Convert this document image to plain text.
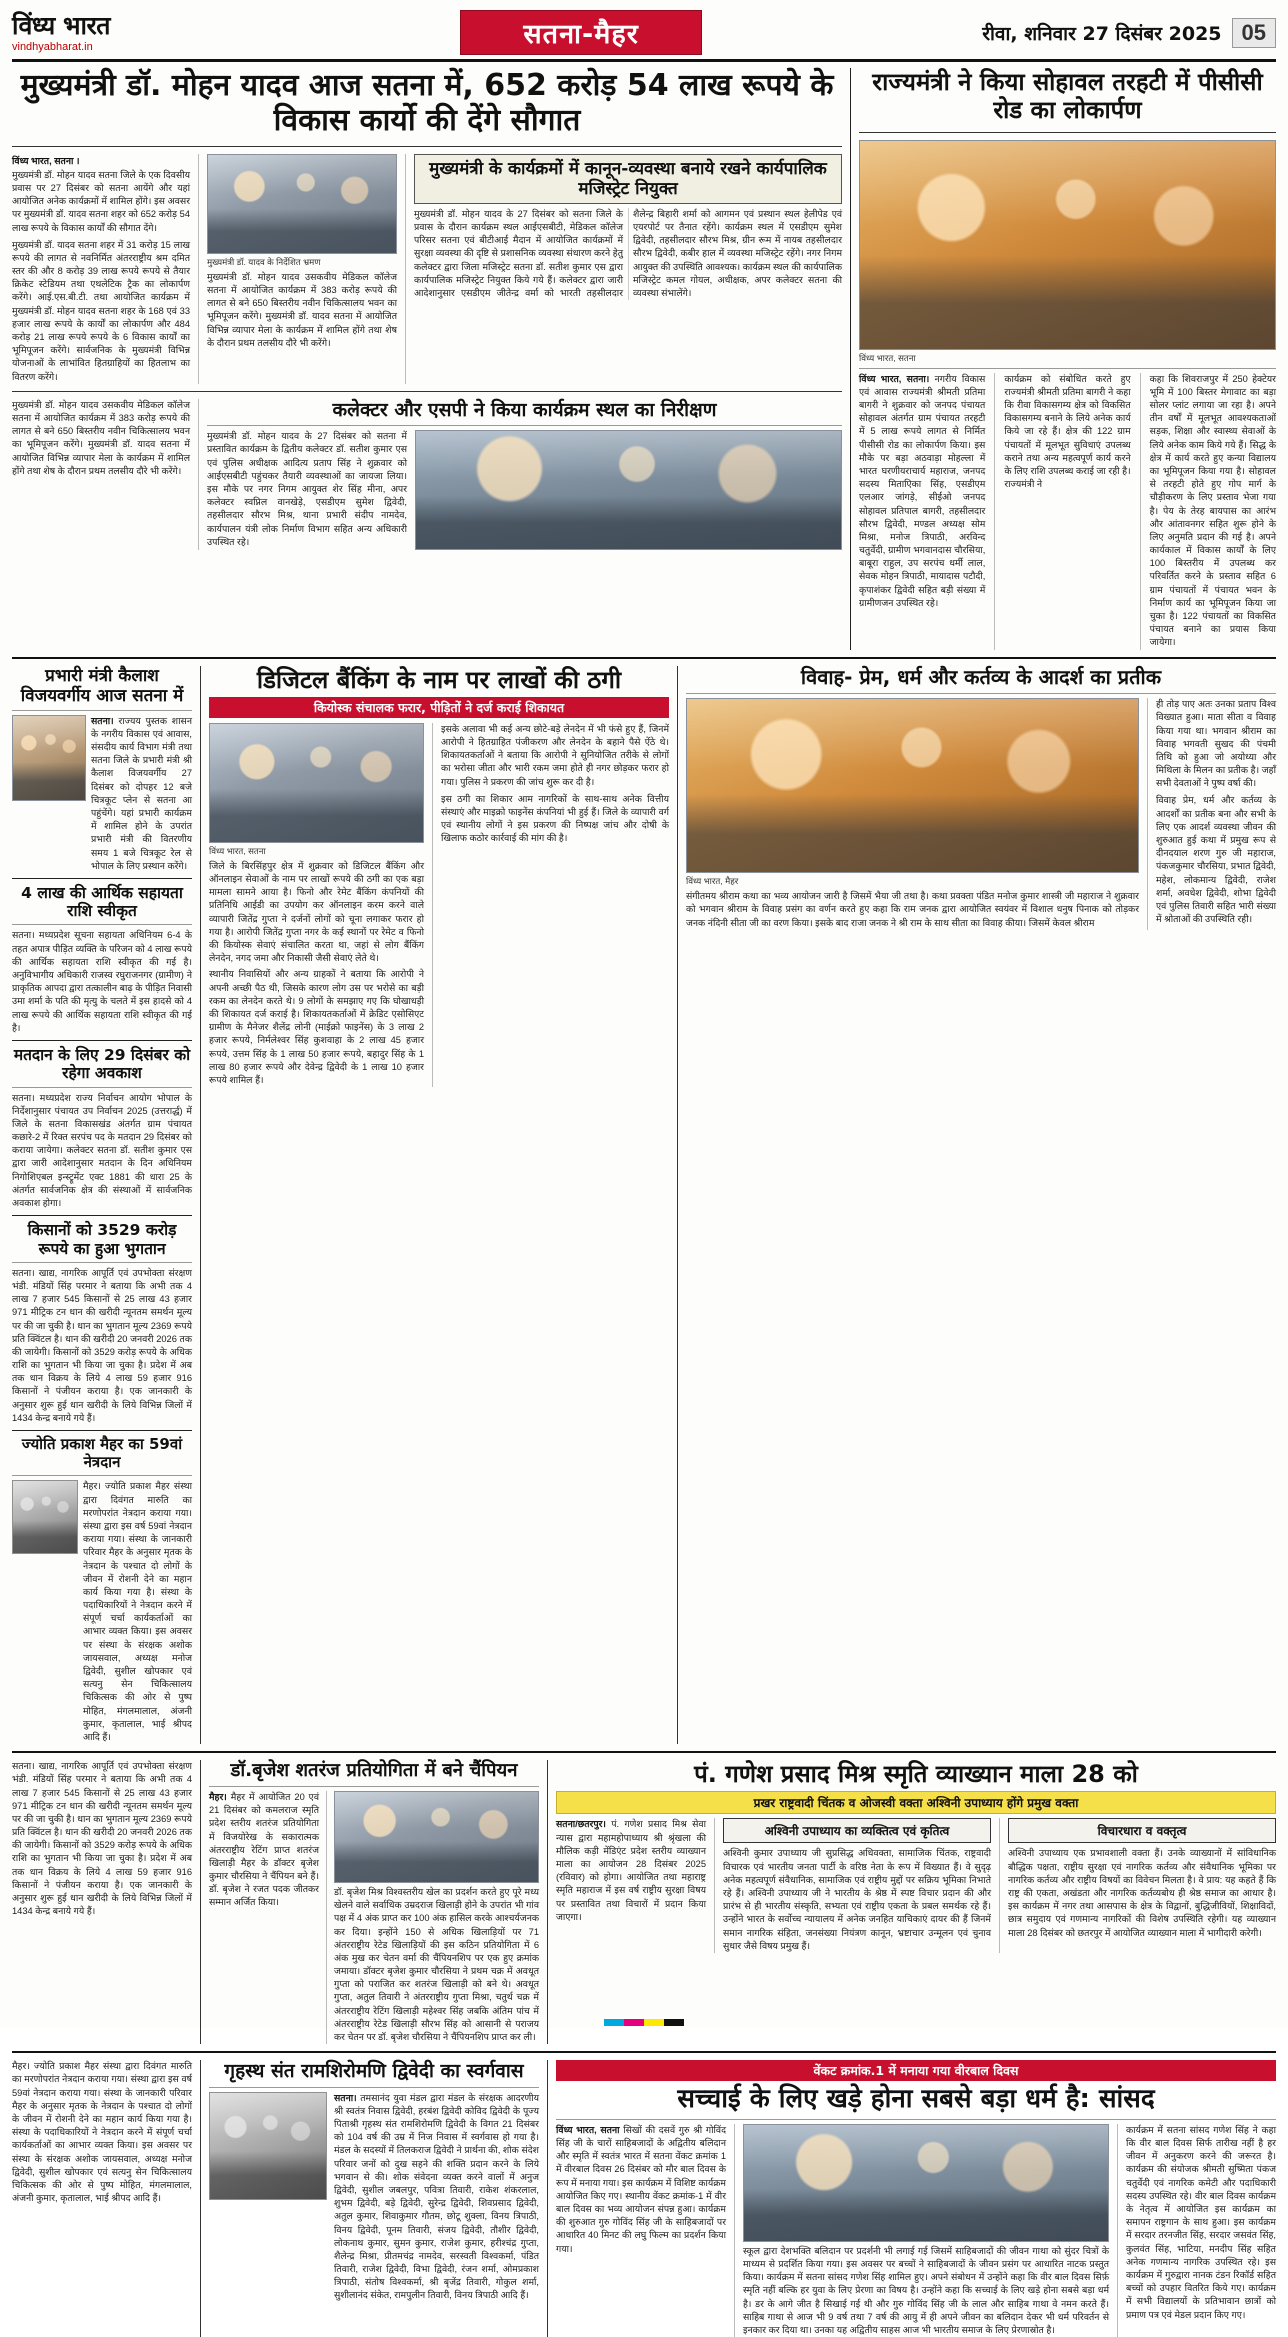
विंध्य भारत
vindhyabharat.in	सतना-मैहर	रीवा, शनिवार 27 दिसंबर 2025 05
मुख्यमंत्री डॉ. मोहन यादव आज सतना में, 652 करोड़ 54 लाख रूपये के विकास कार्यो की देंगे सौगात
विंध्य भारत, सतना ।
मुख्यमंत्री डॉ. मोहन यादव सतना जिले के एक दिवसीय प्रवास पर 27 दिसंबर को सतना आयेंगे और यहां आयोजित अनेक कार्यक्रमों में शामिल होंगे। इस अवसर पर मुख्यमंत्री डॉ. यादव सतना शहर को 652 करोड़ 54 लाख रूपये के विकास कार्यों की सौगात देंगे।
मुख्यमंत्री डॉ. यादव सतना शहर में 31 करोड़ 15 लाख रूपये की लागत से नवनिर्मित अंतरराष्ट्रीय श्रम दमित स्तर की और 8 करोड़ 39 लाख रूपये रूपये से तैयार क्रिकेट स्टेडियम तथा एथलेटिक ट्रैक का लोकार्पण करेंगे। आई.एस.बी.टी. तथा आयोजित कार्यक्रम में मुख्यमंत्री डॉ. मोहन यादव सतना शहर के 168 एवं 33 हजार लाख रूपये के कार्यों का लोकार्पण और 484 करोड़ 21 लाख रूपये रूपये के 6 विकास कार्यों का भूमिपूजन करेंगे। सार्वजनिक के मुख्यमंत्री विभिन्न योजनाओं के लाभांवित हितग्राहियों का हितलाभ का वितरण करेंगे।
मुख्यमंत्री डॉ. यादव के निर्देशित भ्रमण
मुख्यमंत्री डॉ. मोहन यादव उसकवीय मेडिकल कॉलेज सतना में आयोजित कार्यक्रम में 383 करोड़ रूपये की लागत से बने 650 बिस्तरीय नवीन चिकित्सालय भवन का भूमिपूजन करेंगे। मुख्यमंत्री डॉ. यादव सतना में आयोजित विभिन्न व्यापार मेला के कार्यक्रम में शामिल होंगे तथा शेष के दौरान प्रथम तलसीय दौरे भी करेंगे।
मुख्यमंत्री के कार्यक्रमों में कानून-व्यवस्था बनाये रखने कार्यपालिक मजिस्ट्रेट नियुक्त
मुख्यमंत्री डॉ. मोहन यादव के 27 दिसंबर को सतना जिले के प्रवास के दौरान कार्यक्रम स्थल आईएसबीटी, मेडिकल कॉलेज परिसर सतना एवं बीटीआई मैदान में आयोजित कार्यक्रमों में सुरक्षा व्यवस्था की दृष्टि से प्रशासनिक व्यवस्था संधारण करने हेतु कलेक्टर द्वारा जिला मजिस्ट्रेट सतना डॉ. सतीश कुमार एस द्वारा कार्यपालिक मजिस्ट्रेट नियुक्त किये गये हैं। कलेक्टर द्वारा जारी आदेशानुसार एसडीएम जीतेन्द्र वर्मा को भारती तहसीलदार शैलेन्द्र बिहारी शर्मा को आगमन एवं प्रस्थान स्थल हेलीपेड एवं एयरपोर्ट पर तैनात रहेंगे। कार्यक्रम स्थल में एसडीएम सुमेश द्विवेदी, तहसीलदार सौरभ मिश्र, ग्रीन रूम में नायब तहसीलदार सौरभ द्विवेदी, कबीर हाल में व्यवस्था मजिस्ट्रेट रहेंगे। नगर निगम आयुक्त की उपस्थिति आवश्यक। कार्यक्रम स्थल की कार्यपालिक मजिस्ट्रेट कमल गोयल, अधीक्षक, अपर कलेक्टर सतना की व्यवस्था संभालेंगे।
मुख्यमंत्री डॉ. मोहन यादव उसकवीय मेडिकल कॉलेज सतना में आयोजित कार्यक्रम में 383 करोड़ रूपये की लागत से बने 650 बिस्तरीय नवीन चिकित्सालय भवन का भूमिपूजन करेंगे। मुख्यमंत्री डॉ. यादव सतना में आयोजित विभिन्न व्यापार मेला के कार्यक्रम में शामिल होंगे तथा शेष के दौरान प्रथम तलसीय दौरे भी करेंगे।
कलेक्टर और एसपी ने किया कार्यक्रम स्थल का निरीक्षण
मुख्यमंत्री डॉ. मोहन यादव के 27 दिसंबर को सतना में प्रस्तावित कार्यक्रम के द्वितीय कलेक्टर डॉ. सतीश कुमार एस एवं पुलिस अधीक्षक आदित्य प्रताप सिंह ने शुक्रवार को आईएसबीटी पहुंचकर तैयारी व्यवस्थाओं का जायजा लिया। इस मौके पर नगर निगम आयुक्त शेर सिंह मीना, अपर कलेक्टर स्वप्निल वानखेड़े, एसडीएम सुमेश द्विवेदी, तहसीलदार सौरभ मिश्र, थाना प्रभारी संदीप नामदेव, कार्यपालन यंत्री लोक निर्माण विभाग सहित अन्य अधिकारी उपस्थित रहे।
राज्यमंत्री ने किया सोहावल तरहटी में पीसीसी रोड का लोकार्पण
विंध्य भारत, सतना
विंध्य भारत, सतना। नगरीय विकास एवं आवास राज्यमंत्री श्रीमती प्रतिमा बागरी ने शुक्रवार को जनपद पंचायत सोहावल अंतर्गत ग्राम पंचायत तरहटी में 5 लाख रूपये लागत से निर्मित पीसीसी रोड का लोकार्पण किया। इस मौके पर बड़ा अठवाड़ा मोहल्ला में भारत घरणीयराचार्य महाराज, जनपद सदस्य मिताएिका सिंह, एसडीएम एलआर जांगड़े, सीईओ जनपद सोहावल प्रतिपाल बागरी, तहसीलदार सौरभ द्विवेदी, मण्डल अध्यक्ष सोम मिश्रा, मनोज त्रिपाठी, अरविन्द चतुर्वेदी, ग्रामीण भगवानदास चौरसिया, बाबूरा राहुल, उप सरपंच धर्मी लाल, सेवक मोहन त्रिपाठी, मायादास पटौदी, कृपाशंकर द्विवेदी सहित बड़ी संख्या में ग्रामीणजन उपस्थित रहे।
कार्यक्रम को संबोधित करते हुए राज्यमंत्री श्रीमती प्रतिमा बागरी ने कहा कि रीवा विकासगम्य क्षेत्र को विकसित विकासगम्य बनाने के लिये अनेक कार्य किये जा रहे हैं। क्षेत्र की 122 ग्राम पंचायतों में मूलभूत सुविधाएं उपलब्ध कराने तथा अन्य महत्वपूर्ण कार्य करने के लिए राशि उपलब्ध कराई जा रही है। राज्यमंत्री ने
कहा कि शिवराजपुर में 250 हेक्टेयर भूमि में 100 बिस्तर मेगावाट का बड़ा सोलर प्लांट लगाया जा रहा है। अपने तीन वर्षों में मूलभूत आवश्यकताओं सड़क, शिक्षा और स्वास्थ्य सेवाओं के लिये अनेक काम किये गये हैं। सिद्ध के क्षेत्र में कार्य करते हुए कन्या विद्यालय का भूमिपूजन किया गया है। सोहावल से तरहटी होते हुए गोप मार्ग के चौड़ीकरण के लिए प्रस्ताव भेजा गया है। पेय के तेरह बायपास का आरंभ और आंतावनगर सहित शुरू होने के लिए अनुमति प्रदान की गई है। अपने कार्यकाल में विकास कार्यों के लिए 100 बिस्तरीय में उपलब्ध कर परिवर्तित करने के प्रस्ताव सहित 6 ग्राम पंचायतों में पंचायत भवन के निर्माण कार्य का भूमिपूजन किया जा चुका है। 122 पंचायतों का विकसित पंचायत बनाने का प्रयास किया जायेगा।
प्रभारी मंत्री कैलाश विजयवर्गीय आज सतना में
सतना। राज्यय पुस्तक शासन के नगरीय विकास एवं आवास, संसदीय कार्य विभाग मंत्री तथा सतना जिले के प्रभारी मंत्री श्री कैलाश विजयवर्गीय 27 दिसंबर को दोपहर 12 बजे चित्रकूट प्लेन से सतना आ पहुंचेंगे। यहां प्रभारी कार्यक्रम में शामिल होने के उपरांत प्रभारी मंत्री की वितरणीय समय 1 बजे चित्रकूट रेल से भोपाल के लिए प्रस्थान करेंगे।
4 लाख की आर्थिक सहायता राशि स्वीकृत
सतना। मध्यप्रदेश सूचना सहायता अधिनियम 6-4 के तहत अपात्र पीड़ित व्यक्ति के परिजन को 4 लाख रूपये की आर्थिक सहायता राशि स्वीकृत की गई है। अनुविभागीय अधिकारी राजस्व रघुराजनगर (ग्रामीण) ने प्राकृतिक आपदा द्वारा तत्कालीन बाढ़ के पीड़ित निवासी उमा शर्मा के पति की मृत्यु के चलते में इस हादसे को 4 लाख रूपये की आर्थिक सहायता राशि स्वीकृत की गई है।
मतदान के लिए 29 दिसंबर को रहेगा अवकाश
सतना। मध्यप्रदेश राज्य निर्वाचन आयोग भोपाल के निर्देशानुसार पंचायत उप निर्वाचन 2025 (उत्तरार्द्ध) में जिले के सतना विकासखंड अंतर्गत ग्राम पंचायत कछारे-2 में रिक्त सरपंच पद के मतदान 29 दिसंबर को कराया जायेगा। कलेक्टर सतना डॉ. सतीश कुमार एस द्वारा जारी आदेशानुसार मतदान के दिन अधिनियम निगोशिएबल इन्स्ट्रूमेंट एक्ट 1881 की धारा 25 के अंतर्गत सार्वजनिक क्षेत्र की संस्थाओं में सार्वजनिक अवकाश होगा।
किसानों को 3529 करोड़ रूपये का हुआ भुगतान
सतना। खाद्य, नागरिक आपूर्ति एवं उपभोक्ता संरक्षण भंडी. मंडियों सिंह परमार ने बताया कि अभी तक 4 लाख 7 हजार 545 किसानों से 25 लाख 43 हजार 971 मीट्रिक टन धान की खरीदी न्यूनतम समर्थन मूल्य पर की जा चुकी है। धान का भुगतान मूल्य 2369 रूपये प्रति क्विंटल है। धान की खरीदी 20 जनवरी 2026 तक की जायेगी। किसानों को 3529 करोड़ रूपये के अधिक राशि का भुगतान भी किया जा चुका है। प्रदेश में अब तक धान विक्रय के लिये 4 लाख 59 हजार 916 किसानों ने पंजीयन कराया है। एक जानकारी के अनुसार शुरू हुई धान खरीदी के लिये विभिन्न जिलों में 1434 केन्द्र बनाये गये हैं।
ज्योति प्रकाश मैहर का 59वां नेत्रदान
मैहर। ज्योति प्रकाश मैहर संस्था द्वारा दिवंगत मारुति का मरणोपरांत नेत्रदान कराया गया। संस्था द्वारा इस वर्ष 59वां नेत्रदान कराया गया। संस्था के जानकारी परिवार मैहर के अनुसार मृतक के नेत्रदान के पश्चात दो लोगों के जीवन में रोशनी देने का महान कार्य किया गया है। संस्था के पदाधिकारियों ने नेत्रदान करने में संपूर्ण चर्चा कार्यकर्ताओं का आभार व्यक्त किया। इस अवसर पर संस्था के संरक्षक अशोक जायसवाल, अध्यक्ष मनोज द्विवेदी, सुशील खोपकार एवं सत्यनु सेन चिकित्सालय चिकित्सक की ओर से पुष्प मोहित, मंगलमालाल, अंजनी कुमार, कृतालाल, भाई श्रीपद आदि हैं।
डिजिटल बैंकिंग के नाम पर लाखों की ठगी
कियोस्क संचालक फरार, पीड़ितों ने दर्ज कराई शिकायत
विंध्य भारत, सतना
जिले के बिरसिंहपुर क्षेत्र में शुक्रवार को डिजिटल बैंकिंग और ऑनलाइन सेवाओं के नाम पर लाखों रूपये की ठगी का एक बड़ा मामला सामने आया है। फिनो और रेमेट बैंकिंग कंपनियों की प्रतिनिधि आईडी का उपयोग कर ऑनलाइन करम करने वाले व्यापारी जितेंद्र गुप्ता ने दर्जनों लोगों को चूना लगाकर फरार हो गया है। आरोपी जितेंद्र गुप्ता नगर के कई स्थानों पर रेमेट व फिनो की कियोस्क सेवाएं संचालित करता था, जहां से लोग बैंकिंग लेनदेन, नगद जमा और निकासी जैसी सेवाएं लेते थे।
स्थानीय निवासियों और अन्य ग्राहकों ने बताया कि आरोपी ने अपनी अच्छी पैठ थी, जिसके कारण लोग उस पर भरोसे का बड़ी रकम का लेनदेन करते थे। 9 लोगों के समझाए गए कि घोखाधड़ी की शिकायत दर्ज कराई है। शिकायतकर्ताओं में क्रेडिट एसोसिएट ग्रामीण के मैनेजर शैलेंद्र लोनी (माईक्रो फाइनेंस) के 3 लाख 2 हजार रूपये, निर्मलेश्वर सिंह कुशवाहा के 2 लाख 45 हजार रूपये, उत्तम सिंह के 1 लाख 50 हजार रूपये, बहादुर सिंह के 1 लाख 80 हजार रूपये और देवेन्द्र द्विवेदी के 1 लाख 10 हजार रूपये शामिल हैं।
इसके अलावा भी कई अन्य छोटे-बड़े लेनदेन में भी फंसे हुए हैं, जिनमें आरोपी ने हितग्राहित पंजीकरण और लेनदेन के बहाने पैसे ऐंठे थे। शिकायतकर्ताओं ने बताया कि आरोपी ने सुनियोजित तरीके से लोगों का भरोसा जीता और भारी रकम जमा होते ही नगर छोड़कर फरार हो गया। पुलिस ने प्रकरण की जांच शुरू कर दी है।
इस ठगी का शिकार आम नागरिकों के साथ-साथ अनेक वित्तीय संस्थाएं और माइक्रो फाइनेंस कंपनियां भी हुई हैं। जिले के व्यापारी वर्ग एवं स्थानीय लोगों ने इस प्रकरण की निष्पक्ष जांच और दोषी के खिलाफ कठोर कार्रवाई की मांग की है।
विवाह- प्रेम, धर्म और कर्तव्य के आदर्श का प्रतीक
विंध्य भारत, मैहर
संगीतमय श्रीराम कथा का भव्य आयोजन जारी है जिसमें भैया जी तथा है। कथा प्रवक्ता पंडित मनोज कुमार शास्त्री जी महाराज ने शुक्रवार को भगवान श्रीराम के विवाह प्रसंग का वर्णन करते हुए कहा कि राम जनक द्वारा आयोजित स्वयंवर में विशाल धनुष पिनाक को तोड़कर जनक नंदिनी सीता जी का वरण किया। इसके बाद राजा जनक ने श्री राम के साथ सीता का विवाह कीया। जिसमें केवल श्रीराम
ही तोड़ पाए अतः उनका प्रताप विश्व विख्यात हुआ। माता सीता व विवाह किया गया था। भगवान श्रीराम का विवाह भगवती सुखद की पंचमी तिथि को हुआ जो अयोध्या और मिथिला के मिलन का प्रतीक है। जहाँ सभी देवताओं ने पुष्प वर्षा की।
विवाह प्रेम, धर्म और कर्तव्य के आदर्शों का प्रतीक बना और सभी के लिए एक आदर्श व्यवस्था जीवन की शुरुआत हुई कथा में प्रमुख रूप से दीनदयाल शरण गुरु जी महाराज, पंकजकुमार चौरसिया, प्रभात द्विवेदी, महेश, लोकमान्य द्विवेदी, राजेश शर्मा, अवधेश द्विवेदी, शोभा द्विवेदी एवं पुलिस तिवारी सहित भारी संख्या में श्रोताओं की उपस्थिति रही।
सतना। खाद्य, नागरिक आपूर्ति एवं उपभोक्ता संरक्षण भंडी. मंडियों सिंह परमार ने बताया कि अभी तक 4 लाख 7 हजार 545 किसानों से 25 लाख 43 हजार 971 मीट्रिक टन धान की खरीदी न्यूनतम समर्थन मूल्य पर की जा चुकी है। धान का भुगतान मूल्य 2369 रूपये प्रति क्विंटल है। धान की खरीदी 20 जनवरी 2026 तक की जायेगी। किसानों को 3529 करोड़ रूपये के अधिक राशि का भुगतान भी किया जा चुका है। प्रदेश में अब तक धान विक्रय के लिये 4 लाख 59 हजार 916 किसानों ने पंजीयन कराया है। एक जानकारी के अनुसार शुरू हुई धान खरीदी के लिये विभिन्न जिलों में 1434 केन्द्र बनाये गये हैं।
डॉ.बृजेश शतरंज प्रतियोगिता में बने चैंपियन
मैहर। मैहर में आयोजित 20 एवं 21 दिसंबर को कमलराज स्मृति प्रदेश स्तरीय शतरंज प्रतियोगिता में विजयोरेख के सकारात्मक अंतरराष्ट्रीय रेटिंग प्राप्त शतरंज खिलाड़ी मैहर के डॉक्टर बृजेश कुमार चौरसिया ने चैंपियन बने हैं। डॉ. बृजेश ने रजत पदक जीतकर सम्मान अर्जित किया।
डॉ. बृजेश मिश्र विश्वस्तरीय खेल का प्रदर्शन करते हुए पूरे मध्य खेलने वाले सर्वाधिक उम्रदराज खिलाड़ी होने के उपरांत भी गांव पक्ष में 4 अंक प्राप्त कर 100 अंक हासिल करके आश्चर्यजनक कर दिया। इन्होंने 150 से अधिक खिलाड़ियों पर 71 अंतरराष्ट्रीय रेटेड खिलाड़ियों की इस कठिन प्रतियोगिता में 6 अंक मुख कर चेतन वर्मा की चैंपियनशिप पर एक हुए क्रमांक जमाया। डॉक्टर बृजेश कुमार चौरसिया ने प्रथम चक्र में अवधूत गुप्ता को पराजित कर शतरंज खिलाड़ी को बने थे। अवधूत गुप्ता, अतुल तिवारी ने अंतरराष्ट्रीय गुप्ता मिश्रा, चतुर्थ चक्र में अंतरराष्ट्रीय रेटिंग खिलाड़ी महेश्वर सिंह जबकि अंतिम पांच में अंतरराष्ट्रीय रेटेड खिलाड़ी सौरभ सिंह को आसानी से पराजय कर चेतन पर डॉ. बृजेश चौरसिया ने चैंपियनशिप प्राप्त कर ली।
पं. गणेश प्रसाद मिश्र स्मृति व्याख्यान माला 28 को
प्रखर राष्ट्रवादी चिंतक व ओजस्वी वक्ता अश्विनी उपाध्याय होंगे प्रमुख वक्ता
सतना/छतरपुर। पं. गणेश प्रसाद मिश्र सेवा न्यास द्वारा महामहोपाध्याय श्री श्रृंखला की मौलिक कड़ी मेंडिएंट प्रदेश स्तरीय व्याख्यान माला का आयोजन 28 दिसंबर 2025 (रविवार) को होगा। आयोजित तथा महाराष्ट्र स्मृति महाराज में इस वर्ष राष्ट्रीय सुरक्षा विषय पर प्रस्तावित तथा विचारों में प्रदान किया जाएगा।
अश्विनी उपाध्याय का व्यक्तित्व एवं कृतित्व
अश्विनी कुमार उपाध्याय जी सुप्रसिद्ध अधिवक्ता, सामाजिक चिंतक, राष्ट्रवादी विचारक एवं भारतीय जनता पार्टी के वरिष्ठ नेता के रूप में विख्यात हैं। वे सुदृढ़ अनेक महत्वपूर्ण संवैधानिक, सामाजिक एवं राष्ट्रीय मुद्दों पर सक्रिय भूमिका निभाते रहे हैं। अश्विनी उपाध्याय जी ने भारतीय के श्रेष्ठ में स्पष्ट विचार प्रदान की और प्रारंभ से ही भारतीय संस्कृति, सभ्यता एवं राष्ट्रीय एकता के प्रबल समर्थक रहे हैं। उन्होंने भारत के सर्वोच्च न्यायालय में अनेक जनहित याचिकाएं दायर की हैं जिनमें समान नागरिक संहिता, जनसंख्या नियंत्रण कानून, भ्रष्टाचार उन्मूलन एवं चुनाव सुधार जैसे विषय प्रमुख हैं।
विचारधारा व वक्तृत्व
अश्विनी उपाध्याय एक प्रभावशाली वक्ता हैं। उनके व्याख्यानों में सांविधानिक बौद्धिक पक्षता, राष्ट्रीय सुरक्षा एवं नागरिक कर्तव्य और संवैधानिक भूमिका पर नागरिक कर्तव्य और राष्ट्रीय विषयों का विवेचन मिलता है। वे प्राय: यह कहते हैं कि राष्ट्र की एकता, अखंडता और नागरिक कर्तव्यबोध ही श्रेष्ठ समाज का आधार है। इस कार्यक्रम में नगर तथा आसपास के क्षेत्र के विद्वानों, बुद्धिजीवियों, शिक्षाविदों, छात्र समुदाय एवं गणमान्य नागरिकों की विशेष उपस्थिति रहेगी। यह व्याख्यान माला 28 दिसंबर को छतरपुर में आयोजित व्याख्यान माला में भागीदारी करेगी।
मैहर। ज्योति प्रकाश मैहर संस्था द्वारा दिवंगत मारुति का मरणोपरांत नेत्रदान कराया गया। संस्था द्वारा इस वर्ष 59वां नेत्रदान कराया गया। संस्था के जानकारी परिवार मैहर के अनुसार मृतक के नेत्रदान के पश्चात दो लोगों के जीवन में रोशनी देने का महान कार्य किया गया है। संस्था के पदाधिकारियों ने नेत्रदान करने में संपूर्ण चर्चा कार्यकर्ताओं का आभार व्यक्त किया। इस अवसर पर संस्था के संरक्षक अशोक जायसवाल, अध्यक्ष मनोज द्विवेदी, सुशील खोपकार एवं सत्यनु सेन चिकित्सालय चिकित्सक की ओर से पुष्प मोहित, मंगलमालाल, अंजनी कुमार, कृतालाल, भाई श्रीपद आदि हैं।
गृहस्थ संत रामशिरोमणि द्विवेदी का स्वर्गवास
सतना। तमसानंद युवा मंडल द्वारा मंडल के संरक्षक आदरणीय श्री स्वतंत्र निवास द्विवेदी, हरबंश द्विवेदी कोविद द्विवेदी के पूज्य पिताश्री गृहस्थ संत रामशिरोमणि द्विवेदी के विगत 21 दिसंबर को 104 वर्ष की उम्र में निज निवास में स्वर्गवास हो गया है। मंडल के सदस्यों में तिलकराज द्विवेदी ने प्रार्थना की, शोक संदेश परिवार जनों को दुख सहने की शक्ति प्रदान करने के लिये भगवान से की। शोक संवेदना व्यक्त करने वालों में अनुज द्विवेदी, सुशील जबलपुर, पवित्रा तिवारी, राकेश शंकरलाल, शुभम द्विवेदी, बड़े द्विवेदी, सुरेन्द्र द्विवेदी, शिवप्रसाद द्विवेदी, अतुल कुमार, शिवाकुमार गौतम, छोटू शुक्ला, विनय त्रिपाठी, विनय द्विवेदी, पूनम तिवारी, संजय द्विवेदी, तौशीर द्विवेदी, लोकनाथ कुमार, सुमन कुमार, राजेश कुमार, हरीश्चंद्र गुप्ता, शैलेन्द्र मिश्रा, प्रीतमचंद्र नामदेव, सरस्वती विश्वकर्मा, पंडित तिवारी, राजेश द्विवेदी, विभा द्विवेदी, रंजन शर्मा, ओमप्रकाश त्रिपाठी, संतोष विश्वकर्मा, श्री बृजेंद्र तिवारी, गोकुल शर्मा, सुशीलानंद संकेत, रामपुलीन तिवारी, विनय त्रिपाठी आदि हैं।
वेंकट क्रमांक.1 में मनाया गया वीरबाल दिवस
सच्चाई के लिए खड़े होना सबसे बड़ा धर्म है: सांसद
विंध्य भारत, सतना सिखों की दसवें गुरु श्री गोविंद सिंह जी के चारों साहिबजादों के अद्वितीय बलिदान और स्मृति में स्वतंत्र भारत में सतना वेंकट क्रमांक 1 में वीरबाल दिवस 26 दिसंबर को मौर बाल दिवस के रूप में मनाया गया। इस कार्यक्रम में विशिष्ट कार्यक्रम आयोजित किए गए। स्थानीय वेंकट क्रमांक-1 में वीर बाल दिवस का भव्य आयोजन संपन्न हुआ। कार्यक्रम की शुरुआत गुरु गोविंद सिंह जी के साहिबजादों पर आधारित 40 मिनट की लघु फिल्म का प्रदर्शन किया गया।	स्कूल द्वारा देशभक्ति बलिदान पर प्रदर्शनी भी लगाई गई जिसमें साहिबजादों की जीवन गाथा को सुंदर चित्रों के माध्यम से प्रदर्शित किया गया। इस अवसर पर बच्चों ने साहिबजादों के जीवन प्रसंग पर आधारित नाटक प्रस्तुत किया। कार्यक्रम में सतना सांसद गणेश सिंह शामिल हुए। अपने संबोधन में उन्होंने कहा कि वीर बाल दिवस सिर्फ़ स्मृति नहीं बल्कि हर युवा के लिए प्रेरणा का विषय है। उन्होंने कहा कि सच्चाई के लिए खड़े होना सबसे बड़ा धर्म है। डर के आगे जीत है सिखाई गई थी और गुरु गोविंद सिंह जी के लाल और साहिब गाथा वे नमन करते हैं। साहिब गाथा से आज भी 9 वर्ष तथा 7 वर्ष की आयु में ही अपने जीवन का बलिदान देकर भी धर्म परिवर्तन से इनकार कर दिया था। उनका यह अद्वितीय साहस आज भी भारतीय समाज के लिए प्रेरणास्रोत है।
कार्यक्रम में सतना सांसद गणेश सिंह ने कहा कि वीर बाल दिवस सिर्फ तारीख नहीं है हर जीवन में अनुकरण करने की जरूरत है। कार्यक्रम की संयोजक श्रीमती सुष्मिता पंकज चतुर्वेदी एवं नागरिक कमेटी और पदाधिकारी सदस्य उपस्थित रहे। वीर बाल दिवस कार्यक्रम के नेतृत्व में आयोजित इस कार्यक्रम का समापन राष्ट्रगान के साथ हुआ। इस कार्यक्रम में सरदार तरनजीत सिंह, सरदार जसवंत सिंह, कुलवंत सिंह, भाटिया, मनदीप सिंह सहित अनेक गणमान्य नागरिक उपस्थित रहे। इस कार्यक्रम में गुरुद्वारा नानक टंडन रिकॉर्ड सहित बच्चों को उपहार वितरित किये गए। कार्यक्रम में सभी विद्यालयों के प्रतिभावान छात्रों को प्रमाण पत्र एवं मेडल प्रदान किए गए।
